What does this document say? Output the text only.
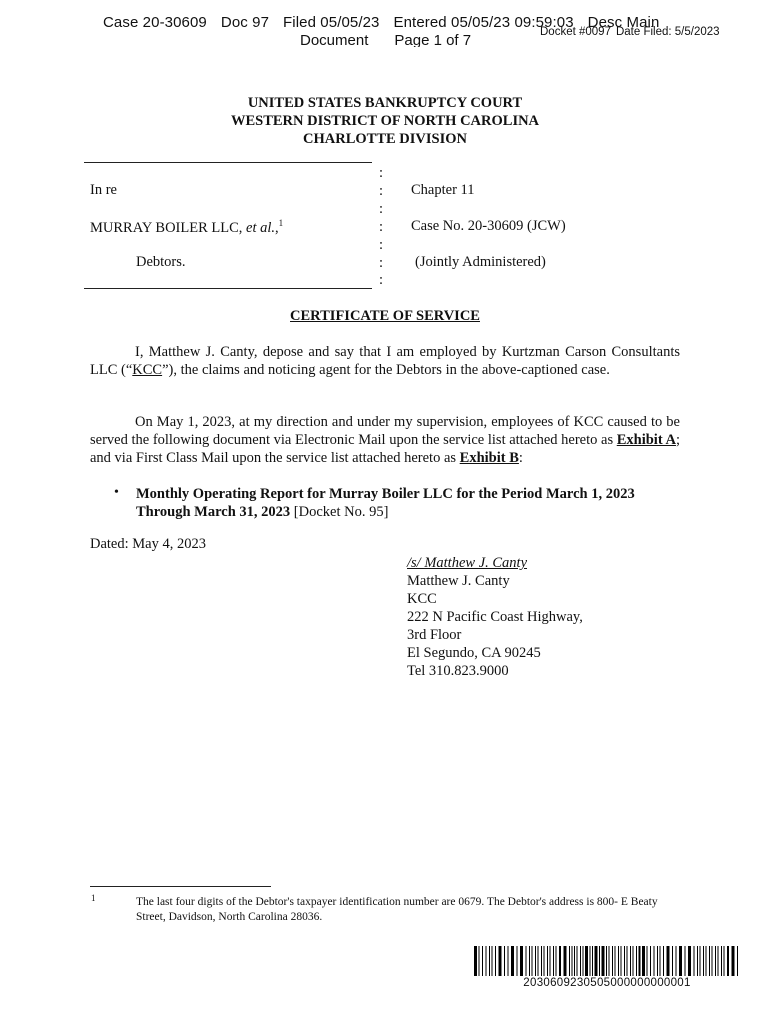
Case 20-30609 Doc 97 Filed 05/05/23 Entered 05/05/23 09:59:03 Desc Main
Document Page 1 of 7	Docket #0097 Date Filed: 5/5/2023
UNITED STATES BANKRUPTCY COURT
WESTERN DISTRICT OF NORTH CAROLINA
CHARLOTTE DIVISION
:
:
:
:
:
:
:
In re
MURRAY BOILER LLC, et al.,$^1$
Debtors.
Chapter 11
Case No. 20-30609 (JCW)
(Jointly Administered)
CERTIFICATE OF SERVICE
I, Matthew J. Canty, depose and say that I am employed by Kurtzman Carson Consultants LLC (“KCC”), the claims and noticing agent for the Debtors in the above-captioned case.
On May 1, 2023, at my direction and under my supervision, employees of KCC caused to be served the following document via Electronic Mail upon the service list attached hereto as Exhibit A; and via First Class Mail upon the service list attached hereto as Exhibit B:
• Monthly Operating Report for Murray Boiler LLC for the Period March 1, 2023 Through March 31, 2023 [Docket No. 95]
Dated: May 4, 2023
/s/ Matthew J. Canty
Matthew J. Canty
KCC
222 N Pacific Coast Highway,
3rd Floor
El Segundo, CA 90245
Tel 310.823.9000
1	The last four digits of the Debtor's taxpayer identification number are 0679. The Debtor's address is 800- E Beaty Street, Davidson, North Carolina 28036.
2030609230505000000000001
